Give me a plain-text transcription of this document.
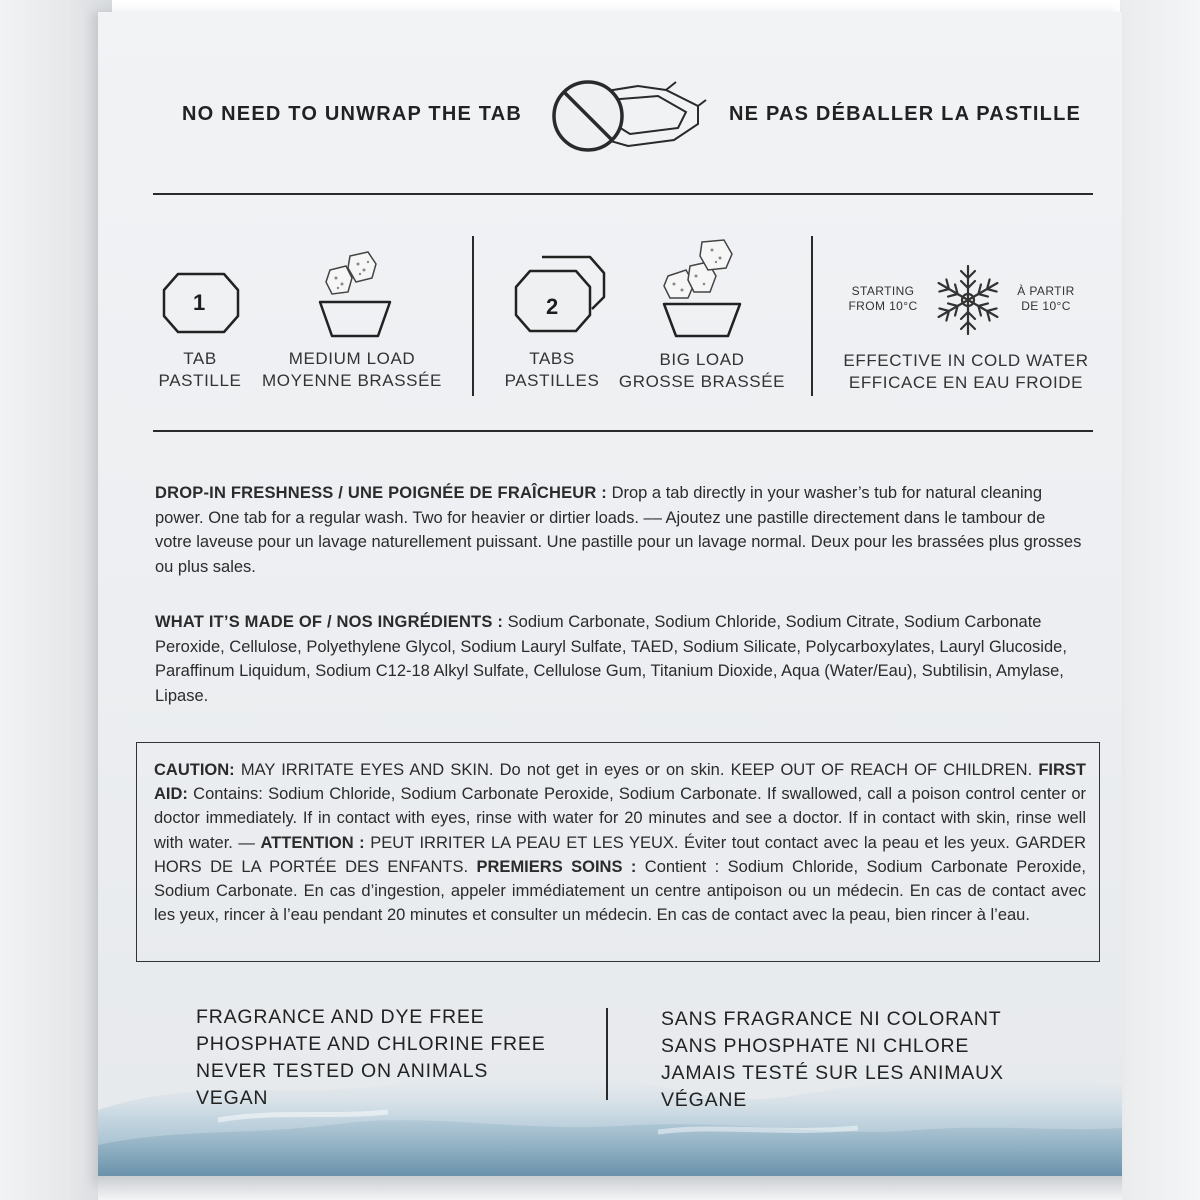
NO NEED TO UNWRAP THE TAB	NE PAS DÉBALLER LA PASTILLE
1
TAB
PASTILLE
MEDIUM LOAD
MOYENNE BRASSÉE
2
TABS
PASTILLES
BIG LOAD
GROSSE BRASSÉE
STARTING
FROM 10°C
À PARTIR
DE 10°C
EFFECTIVE IN COLD WATER
EFFICACE EN EAU FROIDE
DROP-IN FRESHNESS / UNE POIGNÉE DE FRAÎCHEUR : Drop a tab directly in your washer’s tub for natural cleaning power. One tab for a regular wash. Two for heavier or dirtier loads. –– Ajoutez une pastille directement dans le tambour de votre laveuse pour un lavage naturellement puissant. Une pastille pour un lavage normal. Deux pour les brassées plus grosses ou plus sales.
WHAT IT’S MADE OF / NOS INGRÉDIENTS : Sodium Carbonate, Sodium Chloride, Sodium Citrate, Sodium Carbonate Peroxide, Cellulose, Polyethylene Glycol, Sodium Lauryl Sulfate, TAED, Sodium Silicate, Polycarboxylates, Lauryl Glucoside, Paraffinum Liquidum, Sodium C12-18 Alkyl Sulfate, Cellulose Gum, Titanium Dioxide, Aqua (Water/Eau), Subtilisin, Amylase, Lipase.
CAUTION: MAY IRRITATE EYES AND SKIN. Do not get in eyes or on skin. KEEP OUT OF REACH OF CHILDREN. FIRST AID: Contains: Sodium Chloride, Sodium Carbonate Peroxide, Sodium Carbonate. If swallowed, call a poison control center or doctor immediately. If in contact with eyes, rinse with water for 20 minutes and see a doctor. If in contact with skin, rinse well with water. — ATTENTION : PEUT IRRITER LA PEAU ET LES YEUX. Éviter tout contact avec la peau et les yeux. GARDER HORS DE LA PORTÉE DES ENFANTS. PREMIERS SOINS : Contient : Sodium Chloride, Sodium Carbonate Peroxide, Sodium Carbonate. En cas d’ingestion, appeler immédiatement un centre antipoison ou un médecin. En cas de contact avec les yeux, rincer à l’eau pendant 20 minutes et consulter un médecin. En cas de contact avec la peau, bien rincer à l’eau.
FRAGRANCE AND DYE FREE
PHOSPHATE AND CHLORINE FREE
NEVER TESTED ON ANIMALS
VEGAN
SANS FRAGRANCE NI COLORANT
SANS PHOSPHATE NI CHLORE
JAMAIS TESTÉ SUR LES ANIMAUX
VÉGANE
